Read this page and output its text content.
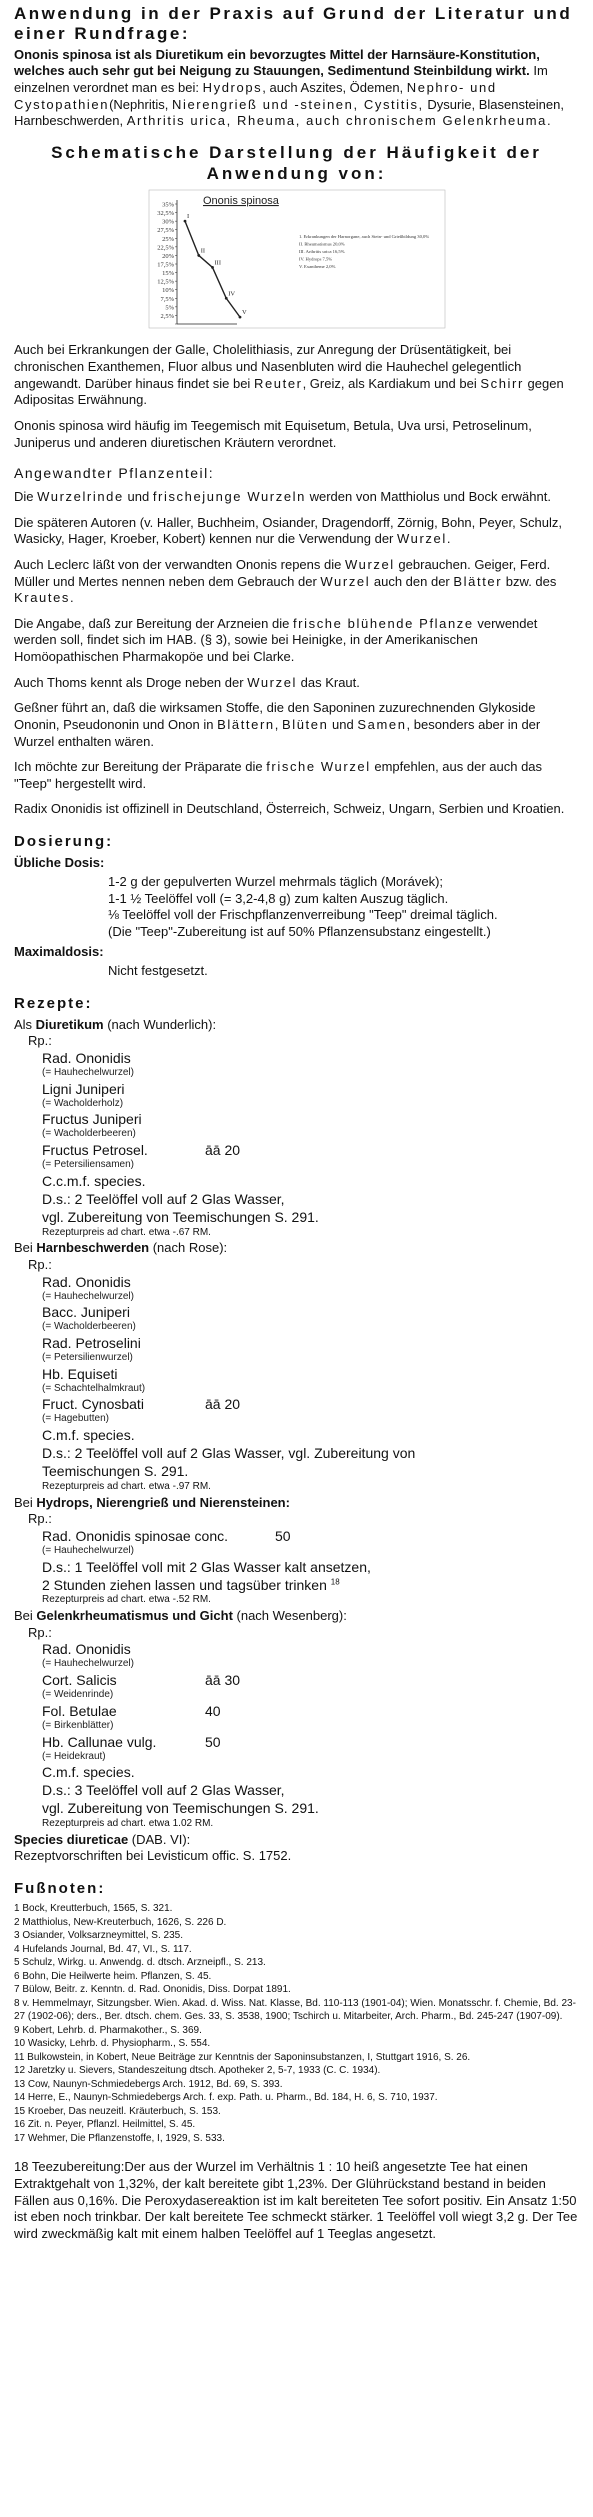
Anwendung in der Praxis auf Grund der Literatur und einer Rundfrage:

Ononis spinosa ist als Diuretikum ein bevorzugtes Mittel der Harnsäure-Konstitution, welches auch sehr gut bei Neigung zu Stauungen, Sedimentund Steinbildung wirkt. Im einzelnen verordnet man es bei: Hydrops, auch Aszites, Ödemen, Nephro- und Cystopathien(Nephritis, Nierengrieß und -steinen, Cystitis, Dysurie, Blasensteinen, Harnbeschwerden, Arthritis urica, Rheuma, auch chronischem Gelenkrheuma.

Schematische Darstellung der Häufigkeit der Anwendung von:
Ononis spinosa
35%
32,5%
30%
27,5%
25%
22,5%
20%
17,5%
15%
12,5%
10%
7,5%
5%
2,5%
I
II
III
IV
V
1. Erkrankungen der Harnorgane, auch Stein- und Grießbildung 30,0%
II. Rheumatismus 20,0%
III. Arthritis urica 16,5%
IV. Hydrops 7,5%
V. Exantheme 2,0%

Auch bei Erkrankungen der Galle, Cholelithiasis, zur Anregung der Drüsentätigkeit, bei chronischen Exanthemen, Fluor albus und Nasenbluten wird die Hauhechel gelegentlich angewandt. Darüber hinaus findet sie bei Reuter, Greiz, als Kardiakum und bei Schirr gegen Adipositas Erwähnung.

Ononis spinosa wird häufig im Teegemisch mit Equisetum, Betula, Uva ursi, Petroselinum, Juniperus und anderen diuretischen Kräutern verordnet.

Angewandter Pflanzenteil:

Die Wurzelrinde und frischejunge Wurzeln werden von Matthiolus und Bock erwähnt.

Die späteren Autoren (v. Haller, Buchheim, Osiander, Dragendorff, Zörnig, Bohn, Peyer, Schulz, Wasicky, Hager, Kroeber, Kobert) kennen nur die Verwendung der Wurzel.

Auch Leclerc läßt von der verwandten Ononis repens die Wurzel gebrauchen. Geiger, Ferd. Müller und Mertes nennen neben dem Gebrauch der Wurzel auch den der Blätter bzw. des Krautes.

Die Angabe, daß zur Bereitung der Arzneien die frische blühende Pflanze verwendet werden soll, findet sich im HAB. (§ 3), sowie bei Heinigke, in der Amerikanischen Homöopathischen Pharmakopöe und bei Clarke.

Auch Thoms kennt als Droge neben der Wurzel das Kraut.

Geßner führt an, daß die wirksamen Stoffe, die den Saponinen zuzurechnenden Glykoside Ononin, Pseudononin und Onon in Blättern, Blüten und Samen, besonders aber in der Wurzel enthalten wären.

Ich möchte zur Bereitung der Präparate die frische Wurzel empfehlen, aus der auch das "Teep" hergestellt wird.

Radix Ononidis ist offizinell in Deutschland, Österreich, Schweiz, Ungarn, Serbien und Kroatien.

Dosierung:
Übliche Dosis:
1-2 g der gepulverten Wurzel mehrmals täglich (Morávek);
1-1 ½ Teelöffel voll (= 3,2-4,8 g) zum kalten Auszug täglich.
⅛ Teelöffel voll der Frischpflanzenverreibung "Teep" dreimal täglich.
(Die "Teep"-Zubereitung ist auf 50% Pflanzensubstanz eingestellt.)
Maximaldosis:
Nicht festgesetzt.
Rezepte:
Als Diuretikum (nach Wunderlich):
Rp.:
Rad. Ononidis
(= Hauhechelwurzel)
Ligni Juniperi
(= Wacholderholz)
Fructus Juniperi
(= Wacholderbeeren)
Fructus Petrosel.	āā 20
(= Petersiliensamen)
C.c.m.f. species.
D.s.: 2 Teelöffel voll auf 2 Glas Wasser,
vgl. Zubereitung von Teemischungen S. 291.
Rezepturpreis ad chart. etwa -.67 RM.
Bei Harnbeschwerden (nach Rose):
Rp.:
Rad. Ononidis
(= Hauhechelwurzel)
Bacc. Juniperi
(= Wacholderbeeren)
Rad. Petroselini
(= Petersilienwurzel)
Hb. Equiseti
(= Schachtelhalmkraut)
Fruct. Cynosbati	āā 20
(= Hagebutten)
C.m.f. species.
D.s.: 2 Teelöffel voll auf 2 Glas Wasser, vgl. Zubereitung von
Teemischungen S. 291.
Rezepturpreis ad chart. etwa -.97 RM.
Bei Hydrops, Nierengrieß und Nierensteinen:
Rp.:
Rad. Ononidis spinosae conc.	50
(= Hauhechelwurzel)
D.s.: 1 Teelöffel voll mit 2 Glas Wasser kalt ansetzen,
2 Stunden ziehen lassen und tagsüber trinken $^{18}$
Rezepturpreis ad chart. etwa -.52 RM.
Bei Gelenkrheumatismus und Gicht (nach Wesenberg):
Rp.:
Rad. Ononidis
(= Hauhechelwurzel)
Cort. Salicis	āā 30
(= Weidenrinde)
Fol. Betulae	40
(= Birkenblätter)
Hb. Callunae vulg.	50
(= Heidekraut)
C.m.f. species.
D.s.: 3 Teelöffel voll auf 2 Glas Wasser,
vgl. Zubereitung von Teemischungen S. 291.
Rezepturpreis ad chart. etwa 1.02 RM.
Species diureticae (DAB. VI):
Rezeptvorschriften bei Levisticum offic. S. 1752.
Fußnoten:

1 Bock, Kreutterbuch, 1565, S. 321.

2 Matthiolus, New-Kreuterbuch, 1626, S. 226 D.

3 Osiander, Volksarzneymittel, S. 235.

4 Hufelands Journal, Bd. 47, VI., S. 117.

5 Schulz, Wirkg. u. Anwendg. d. dtsch. Arzneipfl., S. 213.

6 Bohn, Die Heilwerte heim. Pflanzen, S. 45.

7 Bülow, Beitr. z. Kenntn. d. Rad. Ononidis, Diss. Dorpat 1891.

8 v. Hemmelmayr, Sitzungsber. Wien. Akad. d. Wiss. Nat. Klasse, Bd. 110-113 (1901-04); Wien. Monatsschr. f. Chemie, Bd. 23-27 (1902-06); ders., Ber. dtsch. chem. Ges. 33, S. 3538, 1900; Tschirch u. Mitarbeiter, Arch. Pharm., Bd. 245-247 (1907-09).

9 Kobert, Lehrb. d. Pharmakother., S. 369.

10 Wasicky, Lehrb. d. Physiopharm., S. 554.

11 Bulkowstein, in Kobert, Neue Beiträge zur Kenntnis der Saponinsubstanzen, I, Stuttgart 1916, S. 26.

12 Jaretzky u. Sievers, Standeszeitung dtsch. Apotheker 2, 5-7, 1933 (C. C. 1934).

13 Cow, Naunyn-Schmiedebergs Arch. 1912, Bd. 69, S. 393.

14 Herre, E., Naunyn-Schmiedebergs Arch. f. exp. Path. u. Pharm., Bd. 184, H. 6, S. 710, 1937.

15 Kroeber, Das neuzeitl. Kräuterbuch, S. 153.

16 Zit. n. Peyer, Pflanzl. Heilmittel, S. 45.

17 Wehmer, Die Pflanzenstoffe, I, 1929, S. 533.

18 Teezubereitung:Der aus der Wurzel im Verhältnis 1 : 10 heiß angesetzte Tee hat einen Extraktgehalt von 1,32%, der kalt bereitete gibt 1,23%. Der Glührückstand bestand in beiden Fällen aus 0,16%. Die Peroxydasereaktion ist im kalt bereiteten Tee sofort positiv. Ein Ansatz 1:50 ist eben noch trinkbar. Der kalt bereitete Tee schmeckt stärker. 1 Teelöffel voll wiegt 3,2 g. Der Tee wird zweckmäßig kalt mit einem halben Teelöffel auf 1 Teeglas angesetzt.
